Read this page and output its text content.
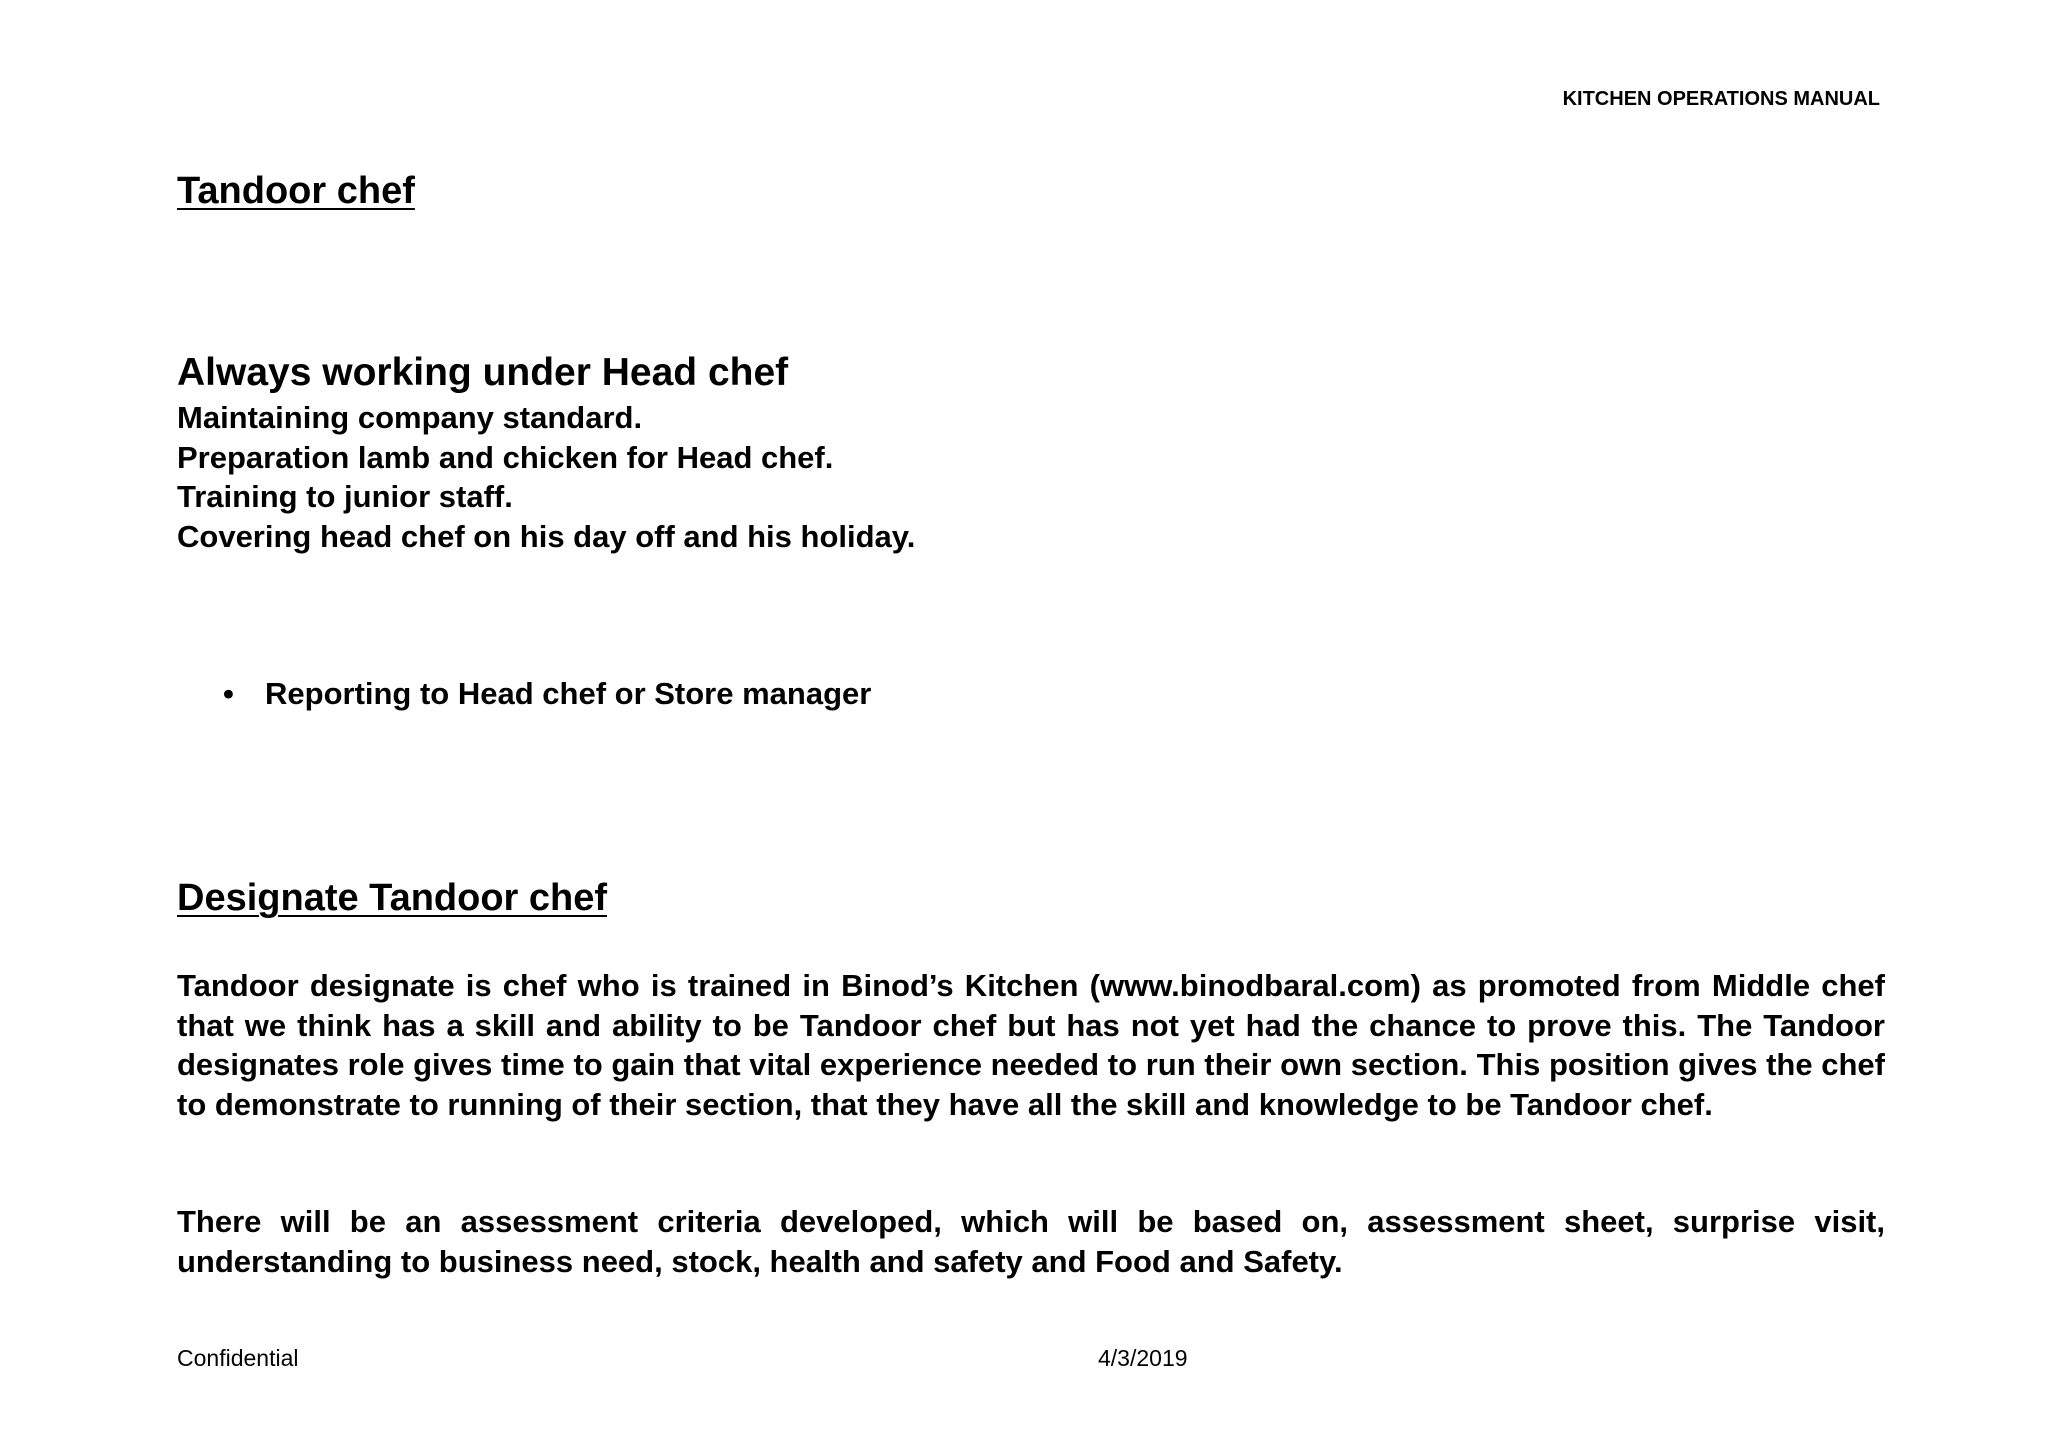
KITCHEN OPERATIONS MANUAL
Tandoor chef
Always working under Head chef
Maintaining company standard.
Preparation lamb and chicken for Head chef.
Training to junior staff.
Covering head chef on his day off and his holiday.
• Reporting to Head chef or Store manager
Designate Tandoor chef

Tandoor designate is chef who is trained in Binod’s Kitchen (www.binodbaral.com) as promoted from Middle chef that we think has a skill and ability to be Tandoor chef but has not yet had the chance to prove this. The Tandoor designates role gives time to gain that vital experience needed to run their own section. This position gives the chef to demonstrate to running of their section, that they have all the skill and knowledge to be Tandoor chef.

There will be an assessment criteria developed, which will be based on, assessment sheet, surprise visit, understanding to business need, stock, health and safety and Food and Safety.

Confidential	4/3/2019
